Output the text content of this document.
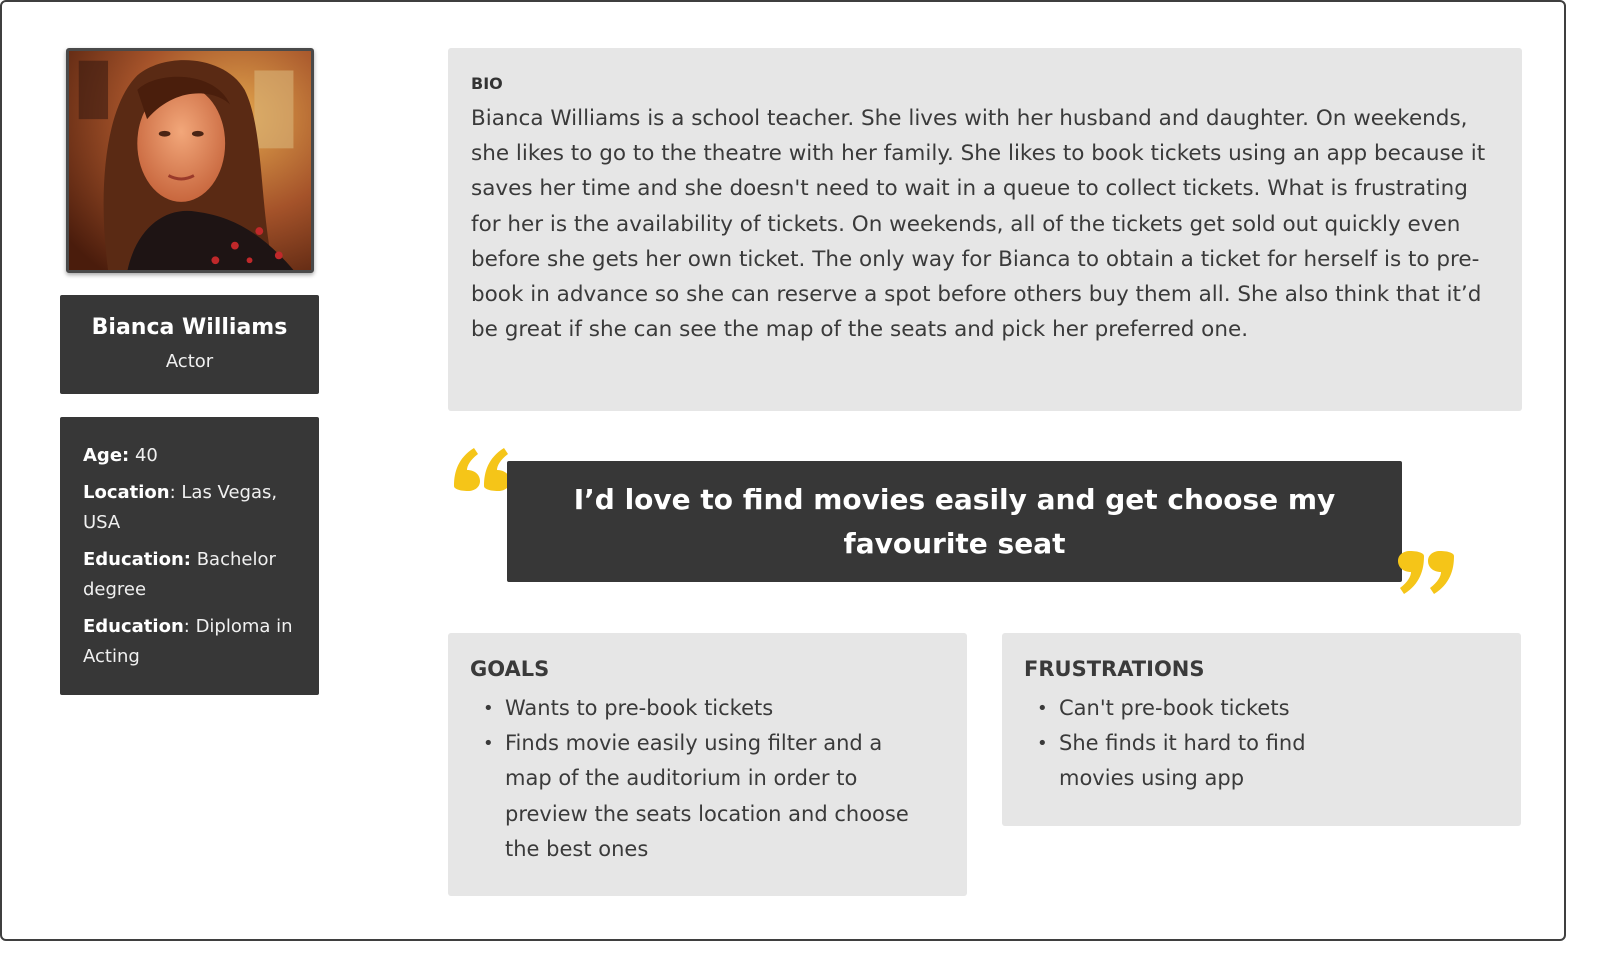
Bianca Williams
Actor
Age: 40
Location: Las Vegas, USA
Education: Bachelor degree
Education: Diploma in Acting
BIO
Bianca Williams is a school teacher. She lives with her husband and daughter. On weekends, she likes to go to the theatre with her family. She likes to book tickets using an app because it saves her time and she doesn't need to wait in a queue to collect tickets. What is frustrating for her is the availability of tickets. On weekends, all of the tickets get sold out quickly even before she gets her own ticket. The only way for Bianca to obtain a ticket for herself is to pre-book in advance so she can reserve a spot before others buy them all. She also think that it’d be great if she can see the map of the seats and pick her preferred one.
I’d love to find movies easily and get choose my favourite seat
GOALS
• Wants to pre-book tickets
• Finds movie easily using filter and a map of the auditorium in order to preview the seats location and choose the best ones
FRUSTRATIONS
• Can't pre-book tickets
• She finds it hard to find movies using app
